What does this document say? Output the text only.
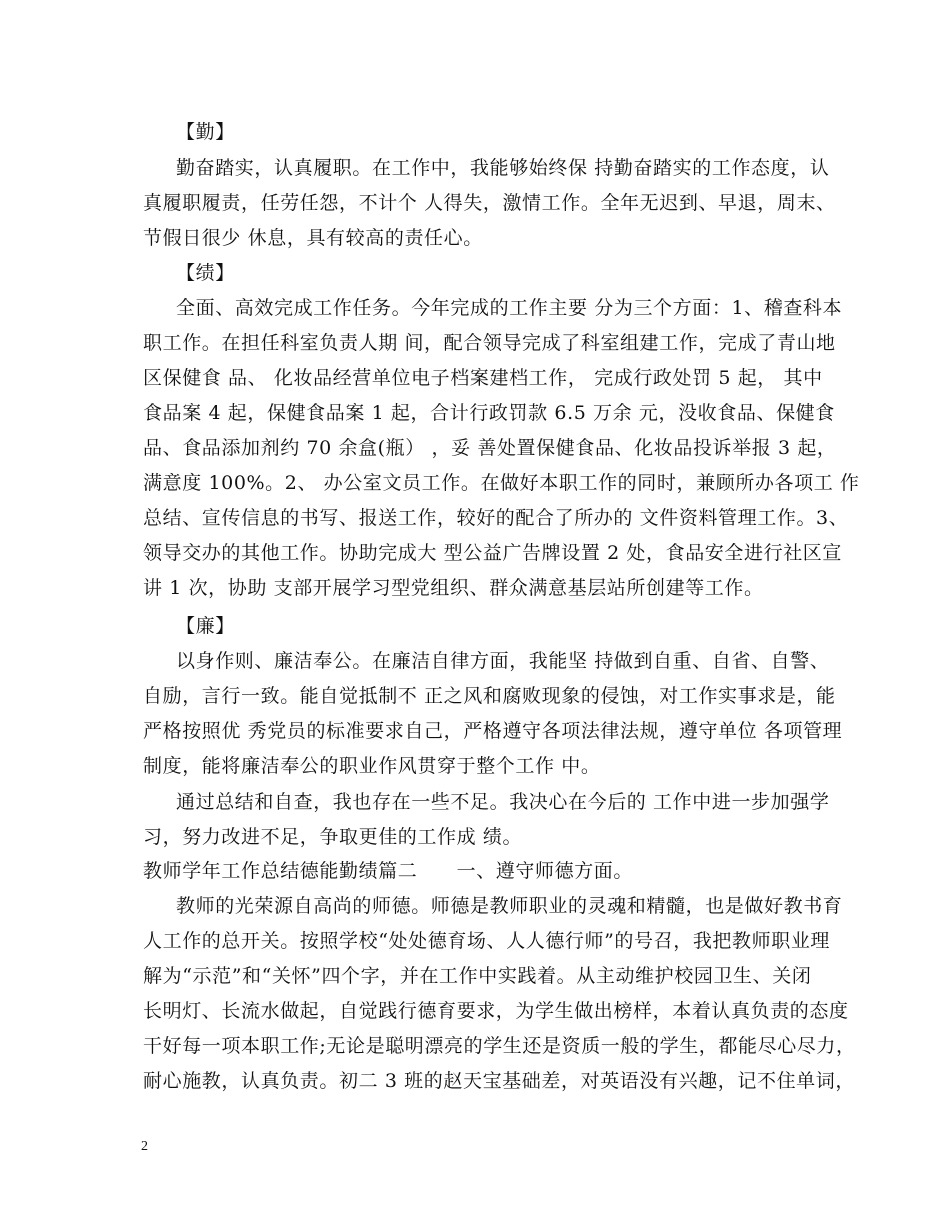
【勤】
勤奋踏实，认真履职。在工作中，我能够始终保 持勤奋踏实的工作态度，认
真履职履责，任劳任怨，不计个 人得失，激情工作。全年无迟到、早退，周末、
节假日很少 休息，具有较高的责任心。
【绩】
全面、高效完成工作任务。今年完成的工作主要 分为三个方面：1、稽查科本
职工作。在担任科室负责人期 间，配合领导完成了科室组建工作，完成了青山地
区保健食 品、 化妆品经营单位电子档案建档工作， 完成行政处罚 5 起， 其中
食品案 4 起，保健食品案 1 起，合计行政罚款 6.5 万余 元，没收食品、保健食
品、食品添加剂约 70 余盒(瓶） ，妥 善处置保健食品、化妆品投诉举报 3 起，
满意度 100%。2、 办公室文员工作。在做好本职工作的同时，兼顾所办各项工 作
总结、宣传信息的书写、报送工作，较好的配合了所办的 文件资料管理工作。3、
领导交办的其他工作。协助完成大 型公益广告牌设置 2 处，食品安全进行社区宣
讲 1 次，协助 支部开展学习型党组织、群众满意基层站所创建等工作。
【廉】
以身作则、廉洁奉公。在廉洁自律方面，我能坚 持做到自重、自省、自警、
自励，言行一致。能自觉抵制不 正之风和腐败现象的侵蚀，对工作实事求是，能
严格按照优 秀党员的标准要求自己，严格遵守各项法律法规，遵守单位 各项管理
制度，能将廉洁奉公的职业作风贯穿于整个工作 中。
通过总结和自查，我也存在一些不足。我决心在今后的 工作中进一步加强学
习，努力改进不足，争取更佳的工作成 绩。
教师学年工作总结德能勤绩篇二　　一、遵守师德方面。
教师的光荣源自高尚的师德。师德是教师职业的灵魂和精髓，也是做好教书育
人工作的总开关。按照学校“处处德育场、人人德行师”的号召，我把教师职业理
解为“示范”和“关怀”四个字，并在工作中实践着。从主动维护校园卫生、关闭
长明灯、长流水做起，自觉践行德育要求，为学生做出榜样，本着认真负责的态度
干好每一项本职工作;无论是聪明漂亮的学生还是资质一般的学生，都能尽心尽力，
耐心施教，认真负责。初二 3 班的赵天宝基础差，对英语没有兴趣，记不住单词，
2
